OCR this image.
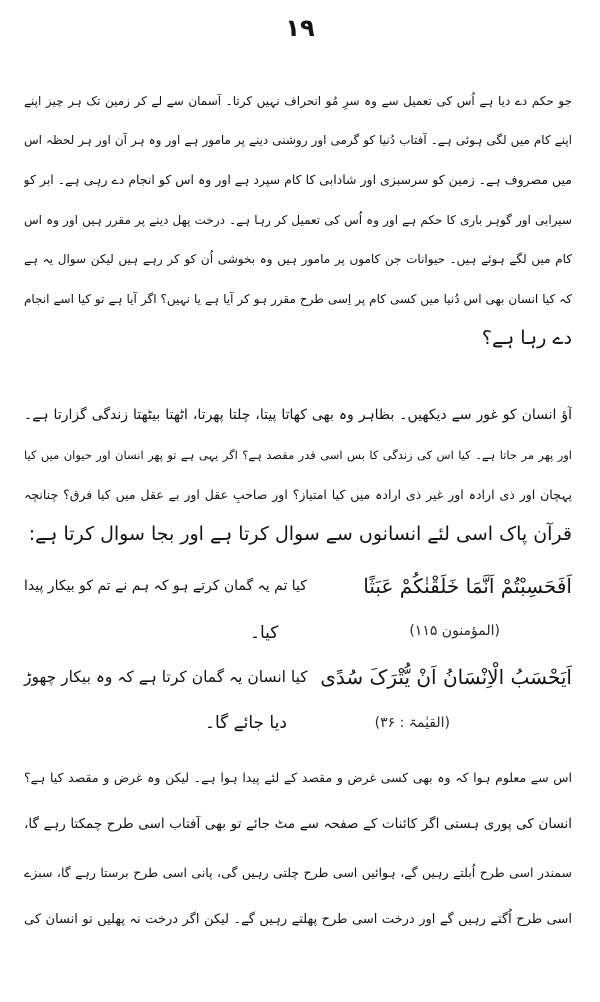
١٩
جو حکم دے دیا ہے اُس کی تعمیل سے وہ سرِ مُو انحراف نہیں کرتا۔ آسمان سے لے کر زمین تک ہر چیز اپنے
اپنے کام میں لگی ہوئی ہے۔ آفتاب دُنیا کو گرمی اور روشنی دینے پر مامور ہے اور وہ ہر آن اور ہر لحظہ اس
میں مصروف ہے۔ زمین کو سرسبزی اور شادابی کا کام سپرد ہے اور وہ اس کو انجام دے رہی ہے۔ ابر کو
سیرابی اور گوہر باری کا حکم ہے اور وہ اُس کی تعمیل کر رہا ہے۔ درخت پھل دینے پر مقرر ہیں اور وہ اس
کام میں لگے ہوئے ہیں۔ حیوانات جن کاموں پر مامور ہیں وہ بخوشی اُن کو کر رہے ہیں لیکن سوال یہ ہے
کہ کیا انسان بھی اس دُنیا میں کسی کام پر اِسی طرح مقرر ہو کر آیا ہے یا نہیں؟ اگر آیا ہے تو کیا اسے انجام
دے رہا ہے؟
آؤ انسان کو غور سے دیکھیں۔ بظاہر وہ بھی کھاتا پیتا، چلتا پھرتا، اٹھتا بیٹھتا زندگی گزارتا ہے۔
اور پھر مر جاتا ہے۔ کیا اس کی زندگی کا بس اسی قدر مقصد ہے؟ اگر یہی ہے تو پھر انسان اور حیوان میں کیا
پہچان اور ذی ارادہ اور غیر ذی ارادہ میں کیا امتیاز؟ اور صاحبِ عقل اور بے عقل میں کیا فرق؟ چنانچہ
قرآن پاک اسی لئے انسانوں سے سوال کرتا ہے اور بجا سوال کرتا ہے:
اَفَحَسِبْتُمْ اَنَّمَا خَلَقْنٰکُمْ عَبَثًا
کیا تم یہ گمان کرتے ہو کہ ہم نے تم کو بیکار پیدا
(المؤمنون ۱۱۵)
کیا۔
اَیَحْسَبُ الْاِنْسَانُ اَنْ یُّتْرَکَ سُدًی
کیا انسان یہ گمان کرتا ہے کہ وہ بیکار چھوڑ
(القیٰمۃ : ۳۶)
دیا جائے گا۔
اس سے معلوم ہوا کہ وہ بھی کسی غرض و مقصد کے لئے پیدا ہوا ہے۔ لیکن وہ غرض و مقصد کیا ہے؟
انسان کی پوری ہستی اگر کائنات کے صفحہ سے مٹ جائے تو بھی آفتاب اسی طرح چمکتا رہے گا،
سمندر اسی طرح اُبلتے رہیں گے، ہوائیں اسی طرح چلتی رہیں گی، پانی اسی طرح برستا رہے گا، سبزے
اسی طرح اُگتے رہیں گے اور درخت اسی طرح پھلتے رہیں گے۔ لیکن اگر درخت نہ پھلیں تو انسان کی
